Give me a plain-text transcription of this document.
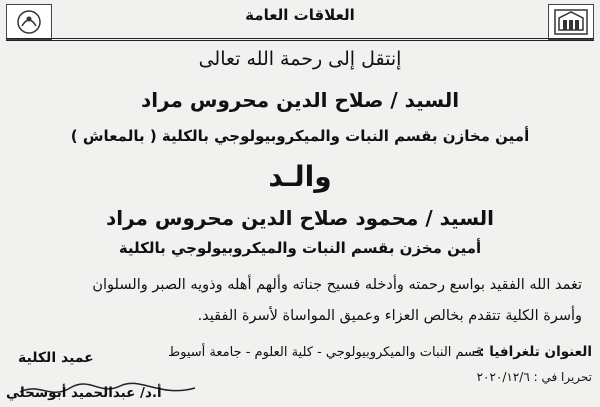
العلاقات العامة
إنتقل إلى رحمة الله تعالى
السيد / صلاح الدين محروس مراد
أمين مخازن بقسم النبات والميكروبيولوجي بالكلية ( بالمعاش )
والـد
السيد / محمود صلاح الدين محروس مراد
أمين مخزن بقسم النبات والميكروبيولوجي بالكلية
تغمد الله الفقيد بواسع رحمته وأدخله فسيح جناته وألهم أهله وذويه الصبر والسلوان
وأسرة الكلية تتقدم بخالص العزاء وعميق المواساة لأسرة الفقيد.
العنوان تلغرافيا :-
قسم النبات والميكروبيولوجي - كلية العلوم - جامعة أسيوط
تحريرا في : ٢٠٢٠/١٢/٦
عميد الكلية
أ.د/ عبدالحميد أبوسحلي
